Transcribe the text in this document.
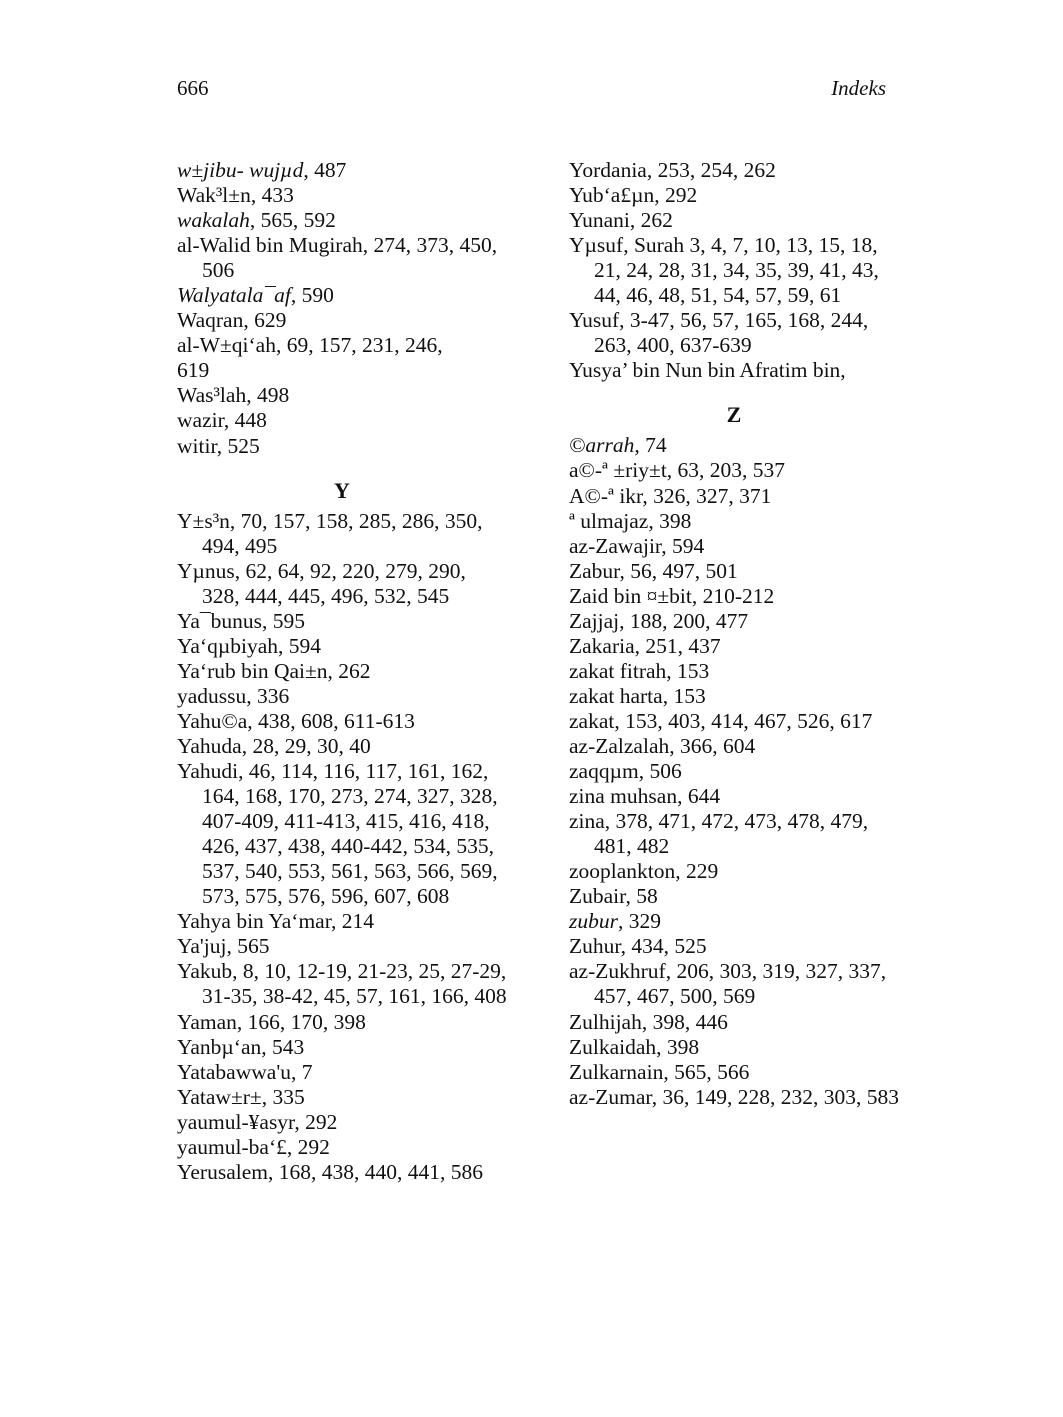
666	Indeks
w±jibu- wujµd, 487
Wak³l±n, 433
wakalah, 565, 592
al-Walid bin Mugirah, 274, 373, 450, 506
Walyatala¯af, 590
Waqran, 629
al-W±qi‘ah, 69, 157, 231, 246,
619
Was³lah, 498
wazir, 448
witir, 525
Y
Y±s³n, 70, 157, 158, 285, 286, 350, 494, 495
Yµnus, 62, 64, 92, 220, 279, 290, 328, 444, 445, 496, 532, 545
Ya¯bunus, 595
Ya‘qµbiyah, 594
Ya‘rub bin Qai±n, 262
yadussu, 336
Yahu©a, 438, 608, 611-613
Yahuda, 28, 29, 30, 40
Yahudi, 46, 114, 116, 117, 161, 162, 164, 168, 170, 273, 274, 327, 328, 407-409, 411-413, 415, 416, 418, 426, 437, 438, 440-442, 534, 535, 537, 540, 553, 561, 563, 566, 569, 573, 575, 576, 596, 607, 608
Yahya bin Ya‘mar, 214
Ya'juj, 565
Yakub, 8, 10, 12-19, 21-23, 25, 27-29, 31-35, 38-42, 45, 57, 161, 166, 408
Yaman, 166, 170, 398
Yanbµ‘an, 543
Yatabawwa'u, 7
Yataw±r±, 335
yaumul-¥asyr, 292
yaumul-ba‘£, 292
Yerusalem, 168, 438, 440, 441, 586
Yordania, 253, 254, 262
Yub‘a£µn, 292
Yunani, 262
Yµsuf, Surah 3, 4, 7, 10, 13, 15, 18, 21, 24, 28, 31, 34, 35, 39, 41, 43, 44, 46, 48, 51, 54, 57, 59, 61
Yusuf, 3-47, 56, 57, 165, 168, 244, 263, 400, 637-639
Yusya’ bin Nun bin Afratim bin,
Z
©arrah, 74
a©-ª ±riy±t, 63, 203, 537
A©-ª ikr, 326, 327, 371
ª ulmajaz, 398
az-Zawajir, 594
Zabur, 56, 497, 501
Zaid bin ¤±bit, 210-212
Zajjaj, 188, 200, 477
Zakaria, 251, 437
zakat fitrah, 153
zakat harta, 153
zakat, 153, 403, 414, 467, 526, 617
az-Zalzalah, 366, 604
zaqqµm, 506
zina muhsan, 644
zina, 378, 471, 472, 473, 478, 479, 481, 482
zooplankton, 229
Zubair, 58
zubur, 329
Zuhur, 434, 525
az-Zukhruf, 206, 303, 319, 327, 337, 457, 467, 500, 569
Zulhijah, 398, 446
Zulkaidah, 398
Zulkarnain, 565, 566
az-Zumar, 36, 149, 228, 232, 303, 583
